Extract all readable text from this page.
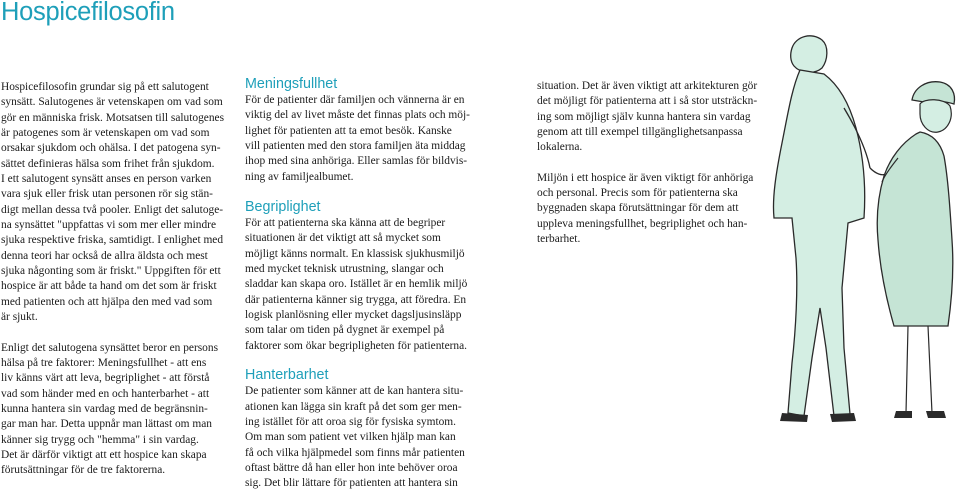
Hospicefilosofin
Hospicefilosofin grundar sig på ett salutogent
synsätt. Salutogenes är vetenskapen om vad som
gör en människa frisk. Motsatsen till salutogenes
är patogenes som är vetenskapen om vad som
orsakar sjukdom och ohälsa. I det patogena syn-
sättet definieras hälsa som frihet från sjukdom.
I ett salutogent synsätt anses en person varken
vara sjuk eller frisk utan personen rör sig stän-
digt mellan dessa två pooler. Enligt det salutoge-
na synsättet "uppfattas vi som mer eller mindre
sjuka respektive friska, samtidigt. I enlighet med
denna teori har också de allra äldsta och mest
sjuka någonting som är friskt." Uppgiften för ett
hospice är att både ta hand om det som är friskt
med patienten och att hjälpa den med vad som
är sjukt.
Enligt det salutogena synsättet beror en persons
hälsa på tre faktorer: Meningsfullhet - att ens
liv känns värt att leva, begriplighet - att förstå
vad som händer med en och hanterbarhet - att
kunna hantera sin vardag med de begränsnin-
gar man har. Detta uppnår man lättast om man
känner sig trygg och "hemma" i sin vardag.
Det är därför viktigt att ett hospice kan skapa
förutsättningar för de tre faktorerna.
Meningsfullhet
För de patienter där familjen och vännerna är en
viktig del av livet måste det finnas plats och möj-
lighet för patienten att ta emot besök. Kanske
vill patienten med den stora familjen äta middag
ihop med sina anhöriga. Eller samlas för bildvis-
ning av familjealbumet.
Begriplighet
För att patienterna ska känna att de begriper
situationen är det viktigt att så mycket som
möjligt känns normalt. En klassisk sjukhusmiljö
med mycket teknisk utrustning, slangar och
sladdar kan skapa oro. Istället är en hemlik miljö
där patienterna känner sig trygga, att föredra. En
logisk planlösning eller mycket dagsljusinsläpp
som talar om tiden på dygnet är exempel på
faktorer som ökar begripligheten för patienterna.
Hanterbarhet
De patienter som känner att de kan hantera situ-
ationen kan lägga sin kraft på det som ger men-
ing istället för att oroa sig för fysiska symtom.
Om man som patient vet vilken hjälp man kan
få och vilka hjälpmedel som finns mår patienten
oftast bättre då han eller hon inte behöver oroa
sig. Det blir lättare för patienten att hantera sin
situation. Det är även viktigt att arkitekturen gör
det möjligt för patienterna att i så stor utsträckn-
ing som möjligt själv kunna hantera sin vardag
genom att till exempel tillgänglighetsanpassa
lokalerna.
Miljön i ett hospice är även viktigt för anhöriga
och personal. Precis som för patienterna ska
byggnaden skapa förutsättningar för dem att
uppleva meningsfullhet, begriplighet och han-
terbarhet.
